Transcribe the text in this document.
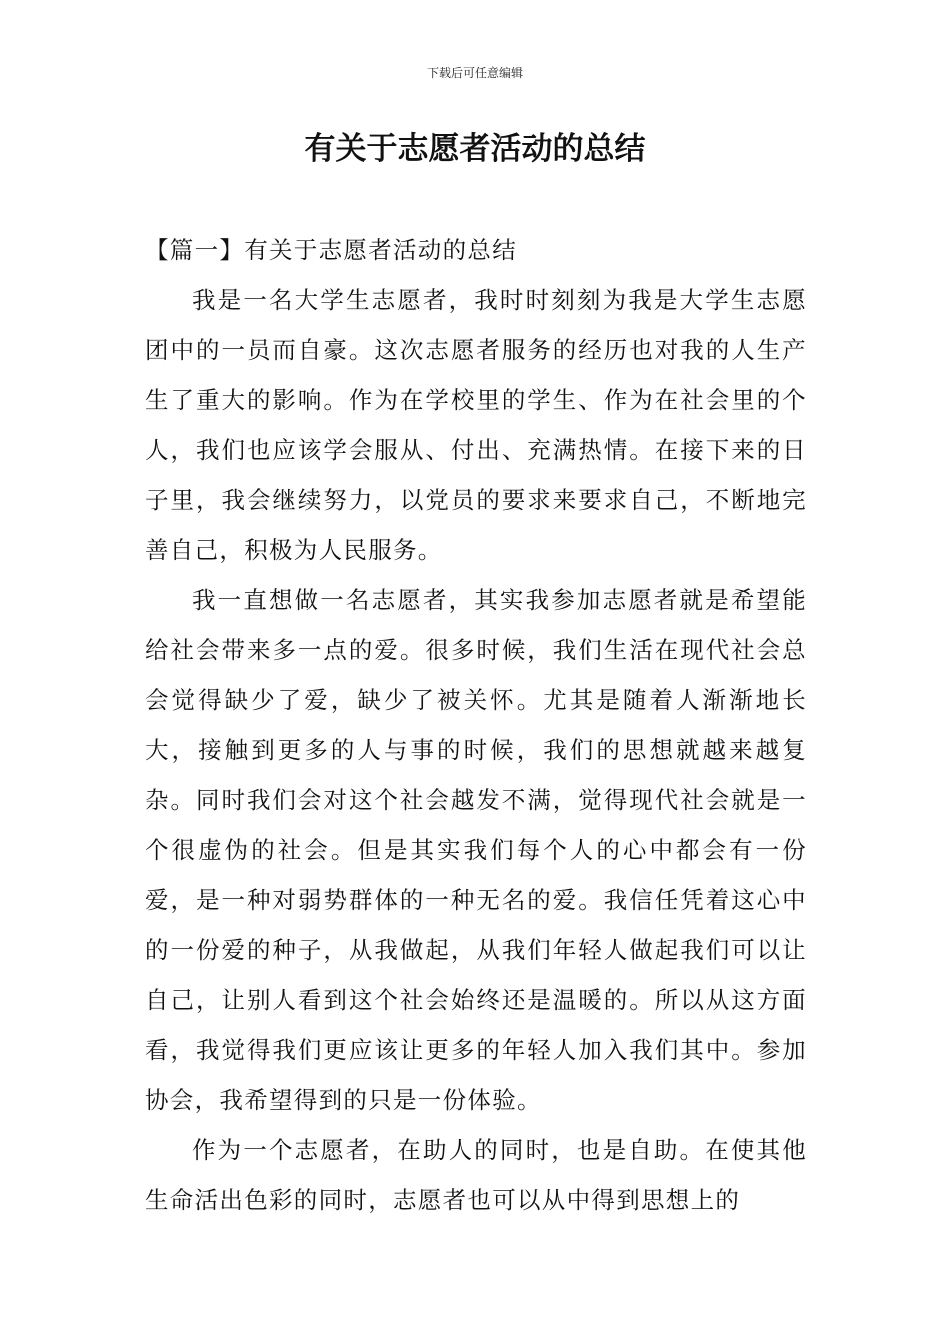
下载后可任意编辑
有关于志愿者活动的总结

【篇一】有关于志愿者活动的总结

我是一名大学生志愿者，我时时刻刻为我是大学生志愿团中的一员而自豪。这次志愿者服务的经历也对我的人生产生了重大的影响。作为在学校里的学生、作为在社会里的个人，我们也应该学会服从、付出、充满热情。在接下来的日子里，我会继续努力，以党员的要求来要求自己，不断地完善自己，积极为人民服务。

我一直想做一名志愿者，其实我参加志愿者就是希望能给社会带来多一点的爱。很多时候，我们生活在现代社会总会觉得缺少了爱，缺少了被关怀。尤其是随着人渐渐地长大，接触到更多的人与事的时候，我们的思想就越来越复杂。同时我们会对这个社会越发不满，觉得现代社会就是一个很虚伪的社会。但是其实我们每个人的心中都会有一份爱，是一种对弱势群体的一种无名的爱。我信任凭着这心中的一份爱的种子，从我做起，从我们年轻人做起我们可以让自己，让别人看到这个社会始终还是温暖的。所以从这方面看，我觉得我们更应该让更多的年轻人加入我们其中。参加协会，我希望得到的只是一份体验。

作为一个志愿者，在助人的同时，也是自助。在使其他生命活出色彩的同时，志愿者也可以从中得到思想上的
